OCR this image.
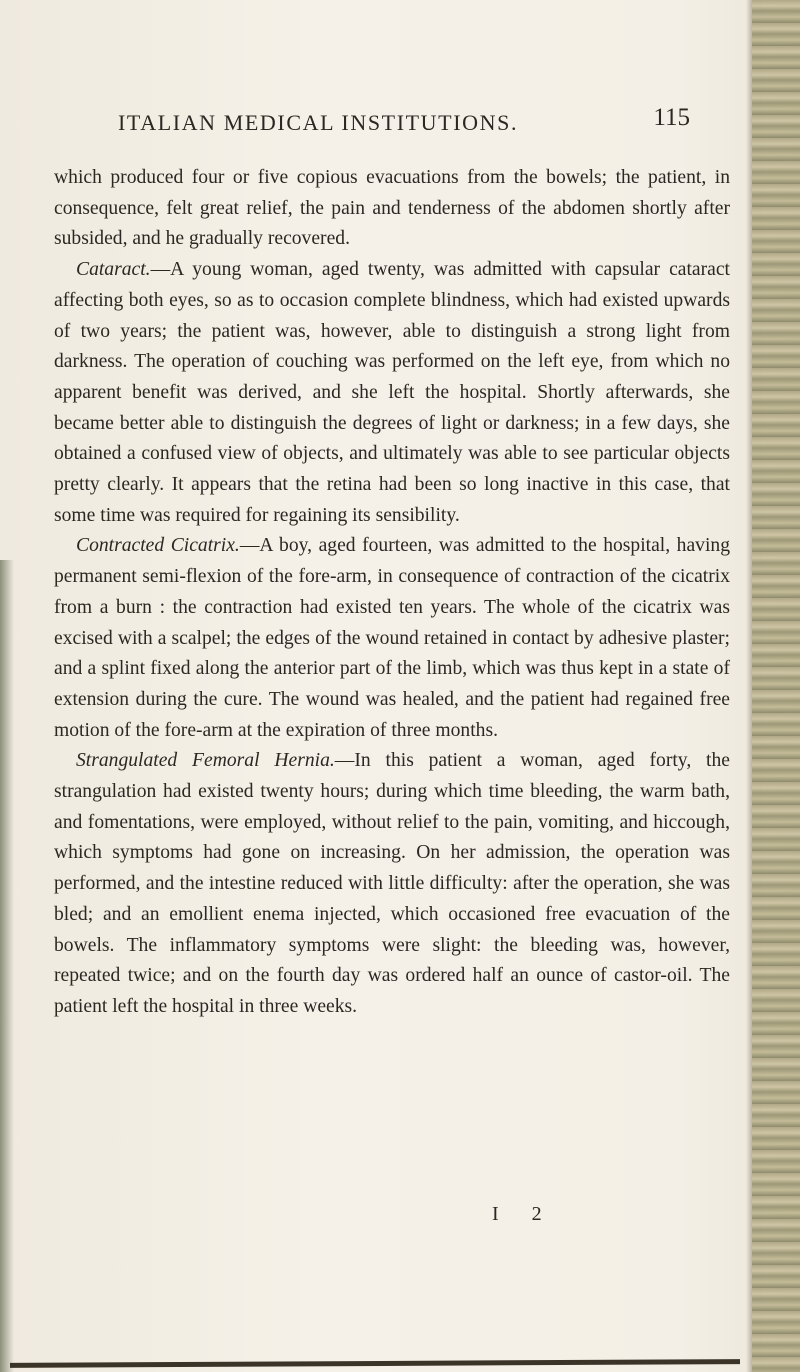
ITALIAN MEDICAL INSTITUTIONS.	115

which produced four or five copious evacuations from the bowels; the patient, in consequence, felt great relief, the pain and tenderness of the abdomen shortly after subsided, and he gradually recovered.

Cataract.—A young woman, aged twenty, was admitted with capsular cataract affecting both eyes, so as to occasion complete blindness, which had existed upwards of two years; the patient was, however, able to distinguish a strong light from darkness. The operation of couching was performed on the left eye, from which no apparent benefit was derived, and she left the hospital. Shortly afterwards, she became better able to distinguish the degrees of light or darkness; in a few days, she obtained a confused view of objects, and ultimately was able to see particular objects pretty clearly. It appears that the retina had been so long inactive in this case, that some time was required for regaining its sensibility.

Contracted Cicatrix.—A boy, aged fourteen, was admitted to the hospital, having permanent semi-flexion of the fore-arm, in consequence of contraction of the cicatrix from a burn : the contraction had existed ten years. The whole of the cicatrix was excised with a scalpel; the edges of the wound retained in contact by adhesive plaster; and a splint fixed along the anterior part of the limb, which was thus kept in a state of extension during the cure. The wound was healed, and the patient had regained free motion of the fore-arm at the expiration of three months.

Strangulated Femoral Hernia.—In this patient a woman, aged forty, the strangulation had existed twenty hours; during which time bleeding, the warm bath, and fomentations, were employed, without relief to the pain, vomiting, and hiccough, which symptoms had gone on increasing. On her admission, the operation was performed, and the intestine reduced with little difficulty: after the operation, she was bled; and an emollient enema injected, which occasioned free evacuation of the bowels. The inflammatory symptoms were slight: the bleeding was, however, repeated twice; and on the fourth day was ordered half an ounce of castor-oil. The patient left the hospital in three weeks.

I 2
